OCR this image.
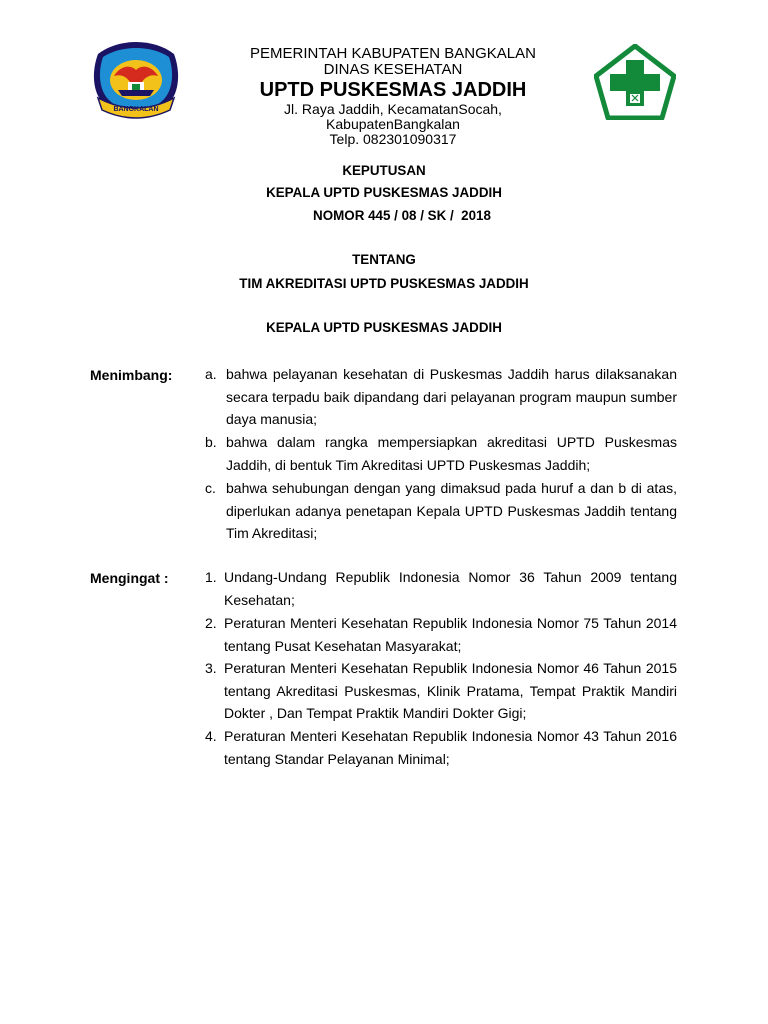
BANGKALAN
PEMERINTAH KABUPATEN BANGKALAN
DINAS KESEHATAN
UPTD PUSKESMAS JADDIH
Jl. Raya Jaddih, KecamatanSocah,
KabupatenBangkalan
Telp. 082301090317
KEPUTUSAN
KEPALA UPTD PUSKESMAS JADDIH
NOMOR 445 / 08 / SK /  2018
TENTANG
TIM AKREDITASI UPTD PUSKESMAS JADDIH
KEPALA UPTD PUSKESMAS JADDIH
Menimbang: a. bahwa pelayanan kesehatan di Puskesmas Jaddih harus dilaksanakan secara terpadu baik dipandang dari pelayanan program maupun sumber daya manusia;
b. bahwa dalam rangka mempersiapkan akreditasi UPTD Puskesmas Jaddih, di bentuk Tim Akreditasi UPTD Puskesmas Jaddih;
c. bahwa sehubungan dengan yang dimaksud pada huruf a dan b di atas, diperlukan adanya penetapan Kepala UPTD Puskesmas Jaddih tentang Tim Akreditasi;
Mengingat :	1. Undang-Undang Republik Indonesia Nomor 36 Tahun 2009 tentang Kesehatan;
2. Peraturan Menteri Kesehatan Republik Indonesia Nomor 75 Tahun 2014 tentang Pusat Kesehatan Masyarakat;
3. Peraturan Menteri Kesehatan Republik Indonesia Nomor 46 Tahun 2015 tentang Akreditasi Puskesmas, Klinik Pratama, Tempat Praktik Mandiri Dokter , Dan Tempat Praktik Mandiri Dokter Gigi;
4. Peraturan Menteri Kesehatan Republik Indonesia Nomor 43 Tahun 2016 tentang Standar Pelayanan Minimal;
